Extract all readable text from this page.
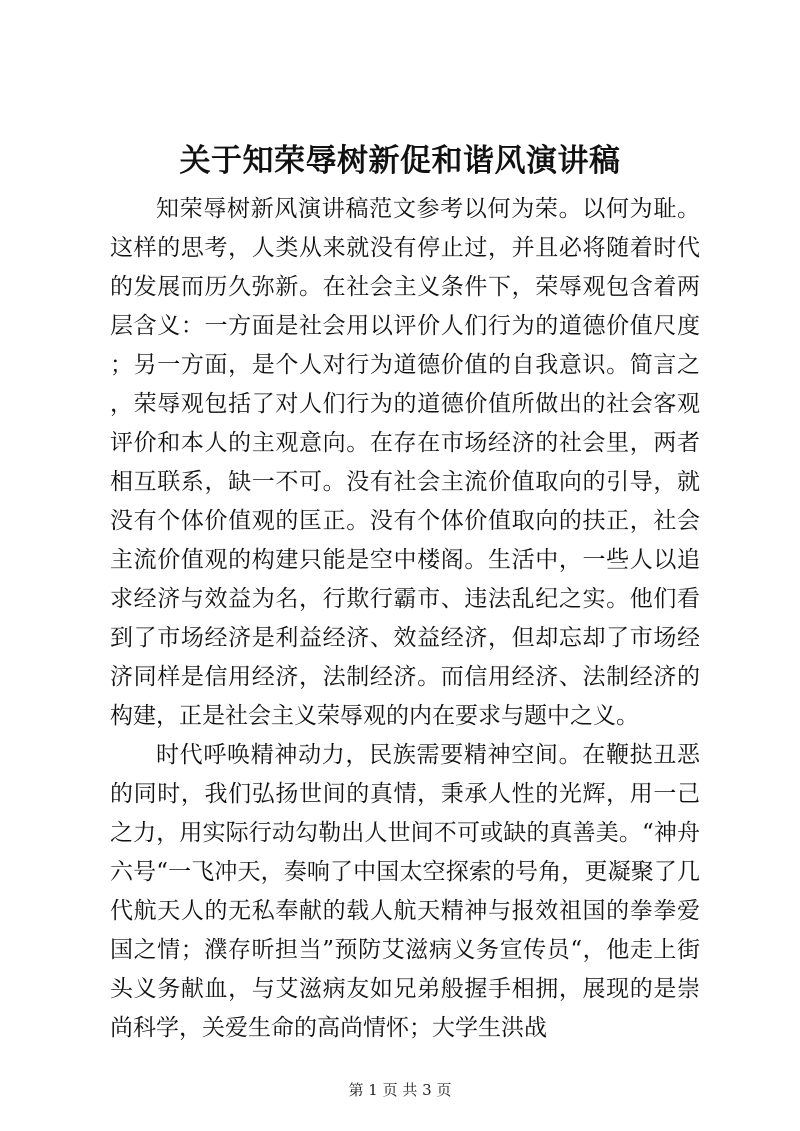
关于知荣辱树新促和谐风演讲稿

知荣辱树新风演讲稿范文参考以何为荣。以何为耻。这样的思考，人类从来就没有停止过，并且必将随着时代的发展而历久弥新。在社会主义条件下，荣辱观包含着两层含义：一方面是社会用以评价人们行为的道德价值尺度；另一方面，是个人对行为道德价值的自我意识。简言之，荣辱观包括了对人们行为的道德价值所做出的社会客观评价和本人的主观意向。在存在市场经济的社会里，两者相互联系，缺一不可。没有社会主流价值取向的引导，就没有个体价值观的匡正。没有个体价值取向的扶正，社会主流价值观的构建只能是空中楼阁。生活中，一些人以追求经济与效益为名，行欺行霸市、违法乱纪之实。他们看到了市场经济是利益经济、效益经济，但却忘却了市场经济同样是信用经济，法制经济。而信用经济、法制经济的构建，正是社会主义荣辱观的内在要求与题中之义。

时代呼唤精神动力，民族需要精神空间。在鞭挞丑恶的同时，我们弘扬世间的真情，秉承人性的光辉，用一己之力，用实际行动勾勒出人世间不可或缺的真善美。“神舟六号“一飞冲天，奏响了中国太空探索的号角，更凝聚了几代航天人的无私奉献的载人航天精神与报效祖国的拳拳爱国之情；濮存昕担当”预防艾滋病义务宣传员“，他走上街头义务献血，与艾滋病友如兄弟般握手相拥，展现的是崇尚科学，关爱生命的高尚情怀；大学生洪战

第 1 页 共 3 页
